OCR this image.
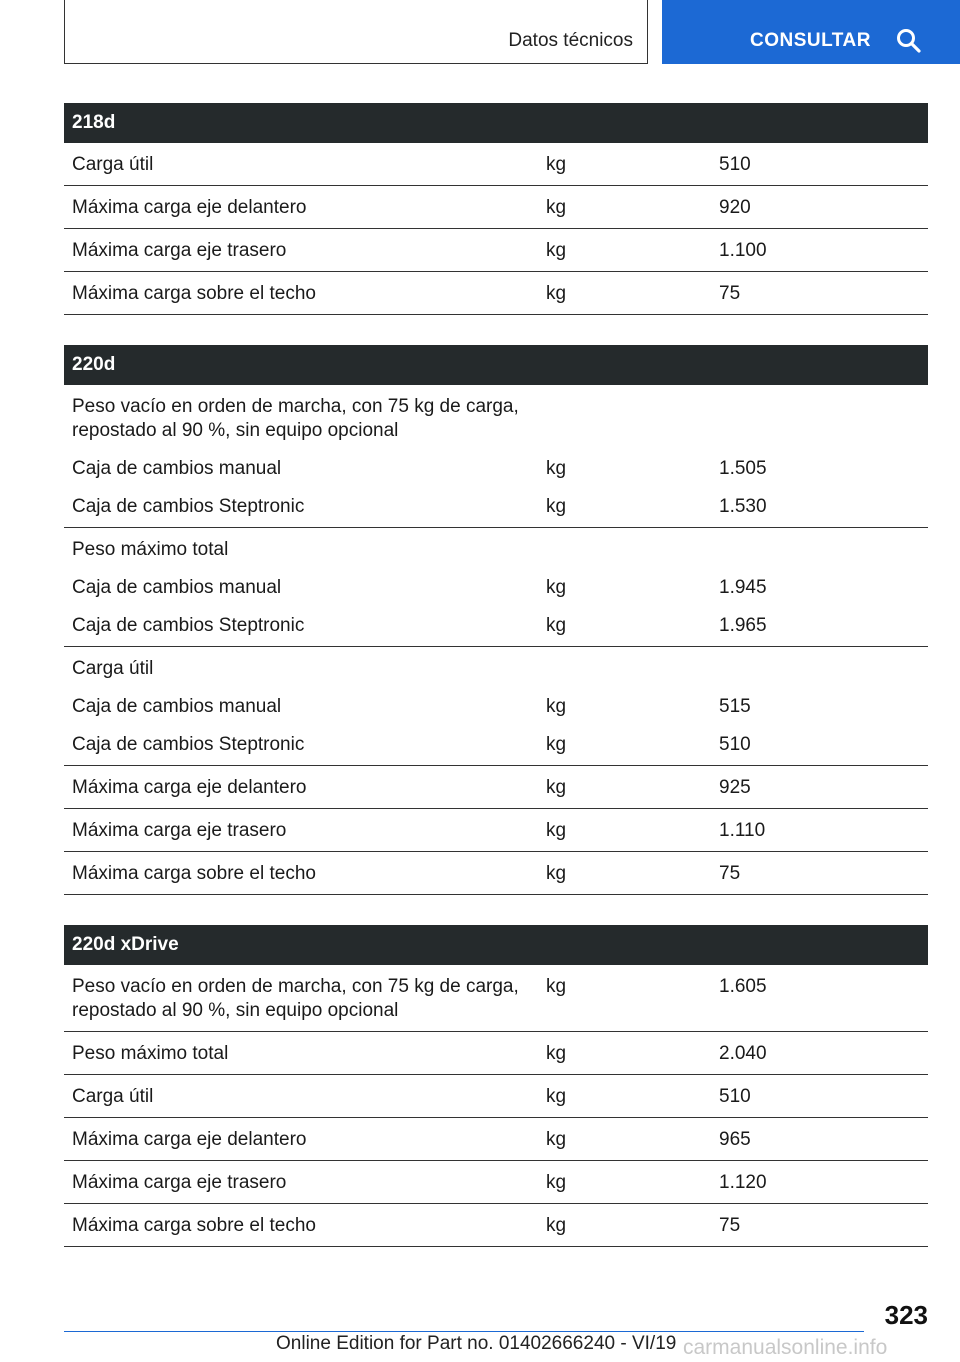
Datos técnicos	CONSULTAR
218d		
Carga útil	kg	510
Máxima carga eje delantero	kg	920
Máxima carga eje trasero	kg	1.100
Máxima carga sobre el techo	kg	75
220d		
Peso vacío en orden de marcha, con 75 kg de carga, repostado al 90 %, sin equipo opcional		
Caja de cambios manual	kg	1.505
Caja de cambios Steptronic	kg	1.530
Peso máximo total		
Caja de cambios manual	kg	1.945
Caja de cambios Steptronic	kg	1.965
Carga útil		
Caja de cambios manual	kg	515
Caja de cambios Steptronic	kg	510
Máxima carga eje delantero	kg	925
Máxima carga eje trasero	kg	1.110
Máxima carga sobre el techo	kg	75
220d xDrive		
Peso vacío en orden de marcha, con 75 kg de carga, repostado al 90 %, sin equipo opcional	kg	1.605
Peso máximo total	kg	2.040
Carga útil	kg	510
Máxima carga eje delantero	kg	965
Máxima carga eje trasero	kg	1.120
Máxima carga sobre el techo	kg	75
323
Online Edition for Part no. 01402666240 - VI/19 carmanualsonline.info
